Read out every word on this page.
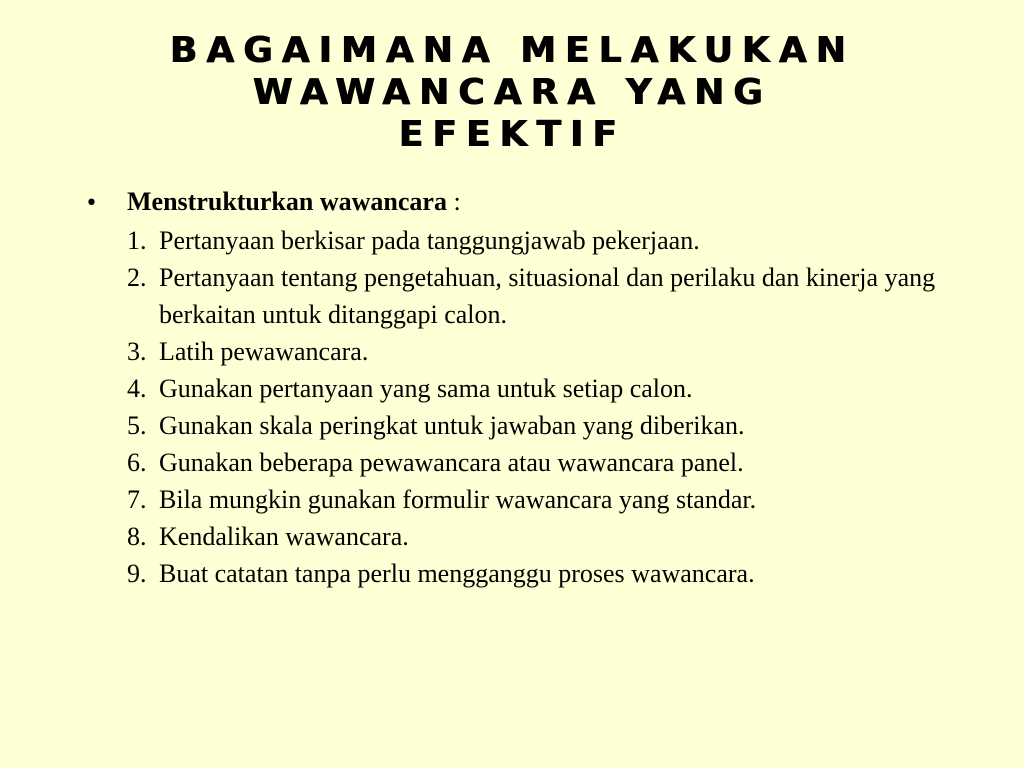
BAGAIMANA MELAKUKAN
WAWANCARA YANG
EFEKTIF
•	Menstrukturkan wawancara :
1. Pertanyaan berkisar pada tanggungjawab pekerjaan.
2. Pertanyaan tentang pengetahuan, situasional dan perilaku dan kinerja yang berkaitan untuk ditanggapi calon.
3. Latih pewawancara.
4. Gunakan pertanyaan yang sama untuk setiap calon.
5. Gunakan skala peringkat untuk jawaban yang diberikan.
6. Gunakan beberapa pewawancara atau wawancara panel.
7. Bila mungkin gunakan formulir wawancara yang standar.
8. Kendalikan wawancara.
9. Buat catatan tanpa perlu mengganggu proses wawancara.
